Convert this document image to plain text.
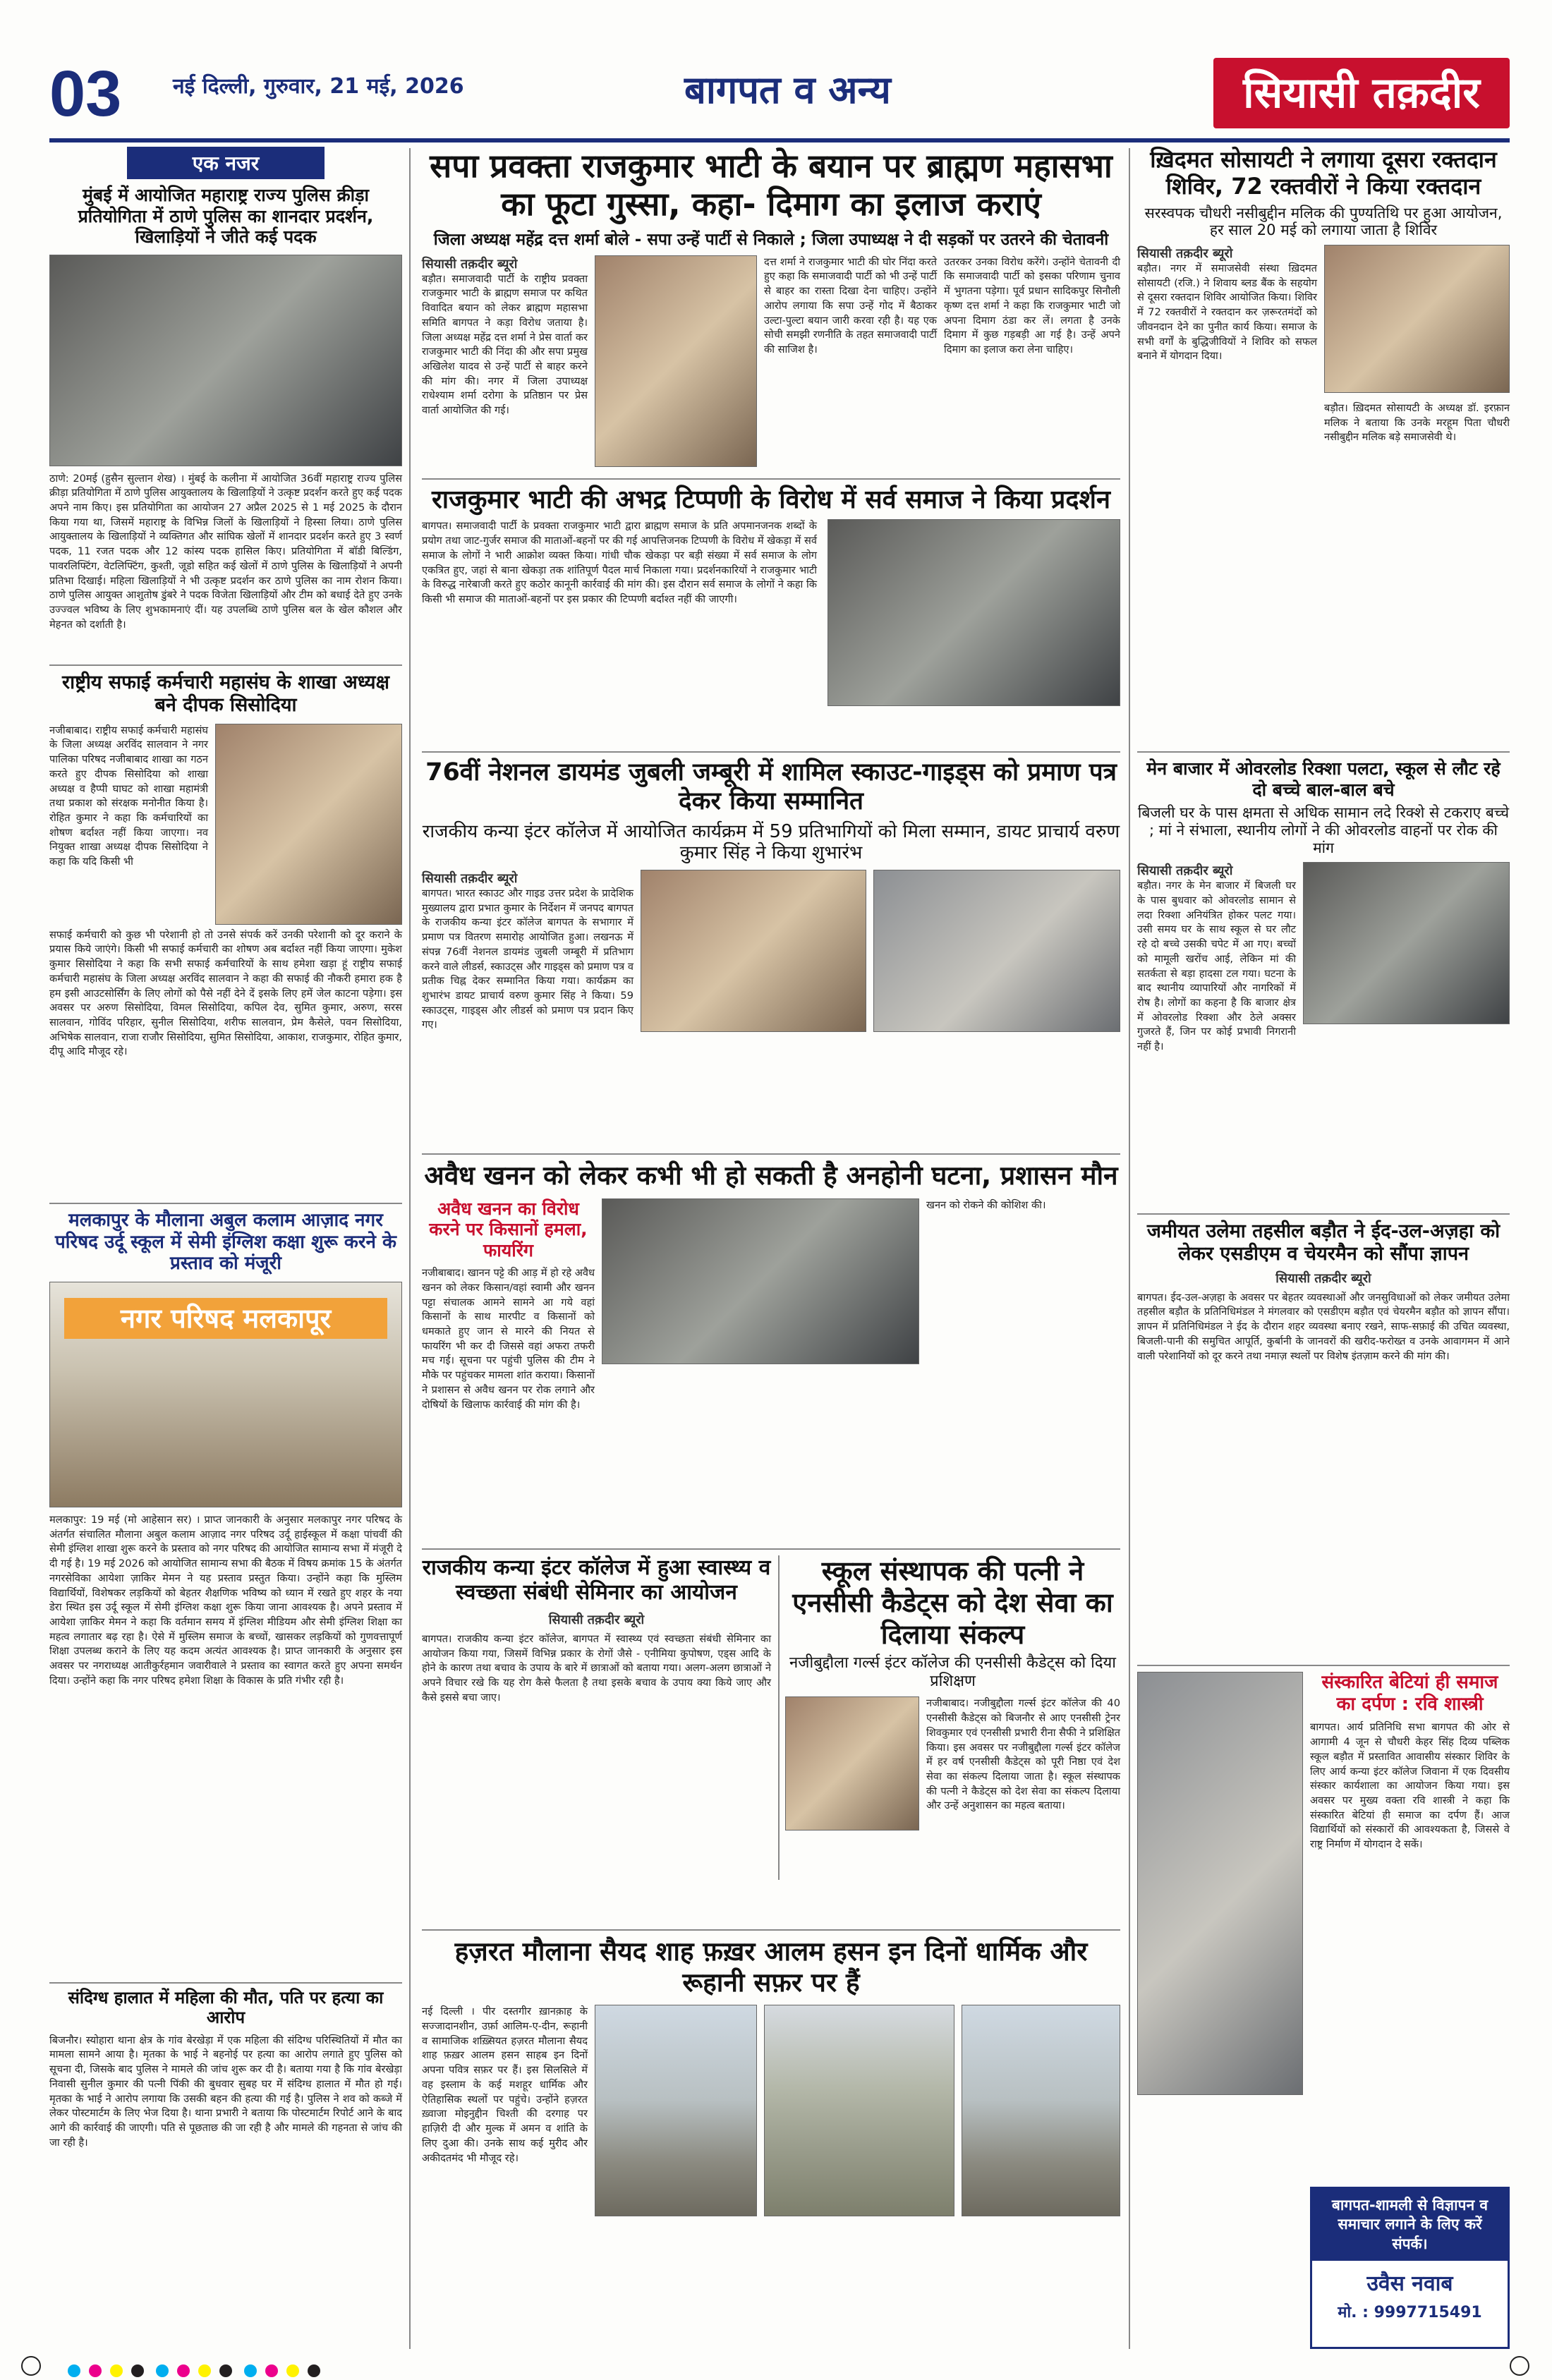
03	नई दिल्ली, गुरुवार, 21 मई, 2026	बागपत व अन्य	सियासी तक़दीर
एक नजर
मुंबई में आयोजित महाराष्ट्र राज्य पुलिस क्रीड़ा प्रतियोगिता में ठाणे पुलिस का शानदार प्रदर्शन, खिलाड़ियों ने जीते कई पदक
ठाणे: 20मई (हुसैन सुल्तान शेख) । मुंबई के कलीना में आयोजित 36वीं महाराष्ट्र राज्य पुलिस क्रीड़ा प्रतियोगिता में ठाणे पुलिस आयुक्तालय के खिलाड़ियों ने उत्कृष्ट प्रदर्शन करते हुए कई पदक अपने नाम किए। इस प्रतियोगिता का आयोजन 27 अप्रैल 2025 से 1 मई 2025 के दौरान किया गया था, जिसमें महाराष्ट्र के विभिन्न जिलों के खिलाड़ियों ने हिस्सा लिया। ठाणे पुलिस आयुक्तालय के खिलाड़ियों ने व्यक्तिगत और सांघिक खेलों में शानदार प्रदर्शन करते हुए 3 स्वर्ण पदक, 11 रजत पदक और 12 कांस्य पदक हासिल किए। प्रतियोगिता में बॉडी बिल्डिंग, पावरलिफ्टिंग, वेटलिफ्टिंग, कुश्ती, जूडो सहित कई खेलों में ठाणे पुलिस के खिलाड़ियों ने अपनी प्रतिभा दिखाई। महिला खिलाड़ियों ने भी उत्कृष्ट प्रदर्शन कर ठाणे पुलिस का नाम रोशन किया। ठाणे पुलिस आयुक्त आशुतोष डुंबरे ने पदक विजेता खिलाड़ियों और टीम को बधाई देते हुए उनके उज्ज्वल भविष्य के लिए शुभकामनाएं दीं। यह उपलब्धि ठाणे पुलिस बल के खेल कौशल और मेहनत को दर्शाती है।
राष्ट्रीय सफाई कर्मचारी महासंघ के शाखा अध्यक्ष बने दीपक सिसोदिया
नजीबाबाद। राष्ट्रीय सफाई कर्मचारी महासंघ के जिला अध्यक्ष अरविंद सालवान ने नगर पालिका परिषद नजीबाबाद शाखा का गठन करते हुए दीपक सिसोदिया को शाखा अध्यक्ष व हैप्पी घाघट को शाखा महामंत्री तथा प्रकाश को संरक्षक मनोनीत किया है। रोहित कुमार ने कहा कि कर्मचारियों का शोषण बर्दाश्त नहीं किया जाएगा। नव नियुक्त शाखा अध्यक्ष दीपक सिसोदिया ने कहा कि यदि किसी भी
सफाई कर्मचारी को कुछ भी परेशानी हो तो उनसे संपर्क करें उनकी परेशानी को दूर कराने के प्रयास किये जाएंगे। किसी भी सफाई कर्मचारी का शोषण अब बर्दाश्त नहीं किया जाएगा। मुकेश कुमार सिसोदिया ने कहा कि सभी सफाई कर्मचारियों के साथ हमेशा खड़ा हूं राष्ट्रीय सफाई कर्मचारी महासंघ के जिला अध्यक्ष अरविंद सालवान ने कहा की सफाई की नौकरी हमारा हक है हम इसी आउटसोर्सिंग के लिए लोगों को पैसे नहीं देने दें इसके लिए हमें जेल काटना पड़ेगा। इस अवसर पर अरुण सिसोदिया, विमल सिसोदिया, कपिल देव, सुमित कुमार, अरुण, सरस सालवान, गोविंद परिहार, सुनील सिसोदिया, शरीफ सालवान, प्रेम कैसेले, पवन सिसोदिया, अभिषेक सालवान, राजा राजौर सिसोदिया, सुमित सिसोदिया, आकाश, राजकुमार, रोहित कुमार, दीपू आदि मौजूद रहे।
मलकापुर के मौलाना अबुल कलाम आज़ाद नगर परिषद उर्दू स्कूल में सेमी इंग्लिश कक्षा शुरू करने के प्रस्ताव को मंजूरी
नगर परिषद मलकापूर
मलकापुर: 19 मई (मो आहेसान सर) । प्राप्त जानकारी के अनुसार मलकापुर नगर परिषद के अंतर्गत संचालित मौलाना अबुल कलाम आज़ाद नगर परिषद उर्दू हाईस्कूल में कक्षा पांचवीं की सेमी इंग्लिश शाखा शुरू करने के प्रस्ताव को नगर परिषद की आयोजित सामान्य सभा में मंजूरी दे दी गई है। 19 मई 2026 को आयोजित सामान्य सभा की बैठक में विषय क्रमांक 15 के अंतर्गत नगरसेविका आयेशा ज़ाकिर मेमन ने यह प्रस्ताव प्रस्तुत किया। उन्होंने कहा कि मुस्लिम विद्यार्थियों, विशेषकर लड़कियों को बेहतर शैक्षणिक भविष्य को ध्यान में रखते हुए शहर के नया डेरा स्थित इस उर्दू स्कूल में सेमी इंग्लिश कक्षा शुरू किया जाना आवश्यक है। अपने प्रस्ताव में आयेशा ज़ाकिर मेमन ने कहा कि वर्तमान समय में इंग्लिश मीडियम और सेमी इंग्लिश शिक्षा का महत्व लगातार बढ़ रहा है। ऐसे में मुस्लिम समाज के बच्चों, खासकर लड़कियों को गुणवत्तापूर्ण शिक्षा उपलब्ध कराने के लिए यह कदम अत्यंत आवश्यक है। प्राप्त जानकारी के अनुसार इस अवसर पर नगराध्यक्ष आतीकुर्रहमान जवारीवाले ने प्रस्ताव का स्वागत करते हुए अपना समर्थन दिया। उन्होंने कहा कि नगर परिषद हमेशा शिक्षा के विकास के प्रति गंभीर रही है।
संदिग्ध हालात में महिला की मौत, पति पर हत्या का आरोप
बिजनौर। स्योहारा थाना क्षेत्र के गांव बेरखेड़ा में एक महिला की संदिग्ध परिस्थितियों में मौत का मामला सामने आया है। मृतका के भाई ने बहनोई पर हत्या का आरोप लगाते हुए पुलिस को सूचना दी, जिसके बाद पुलिस ने मामले की जांच शुरू कर दी है। बताया गया है कि गांव बेरखेड़ा निवासी सुनील कुमार की पत्नी पिंकी की बुधवार सुबह घर में संदिग्ध हालात में मौत हो गई। मृतका के भाई ने आरोप लगाया कि उसकी बहन की हत्या की गई है। पुलिस ने शव को कब्जे में लेकर पोस्टमार्टम के लिए भेज दिया है। थाना प्रभारी ने बताया कि पोस्टमार्टम रिपोर्ट आने के बाद आगे की कार्रवाई की जाएगी। पति से पूछताछ की जा रही है और मामले की गहनता से जांच की जा रही है।
सपा प्रवक्ता राजकुमार भाटी के बयान पर ब्राह्मण महासभा का फूटा गुस्सा, कहा- दिमाग का इलाज कराएं
जिला अध्यक्ष महेंद्र दत्त शर्मा बोले - सपा उन्हें पार्टी से निकाले ; जिला उपाध्यक्ष ने दी सड़कों पर उतरने की चेतावनी
सियासी तक़दीर ब्यूरो
बड़ौत। समाजवादी पार्टी के राष्ट्रीय प्रवक्ता राजकुमार भाटी के ब्राह्मण समाज पर कथित विवादित बयान को लेकर ब्राह्मण महासभा समिति बागपत ने कड़ा विरोध जताया है। जिला अध्यक्ष महेंद्र दत्त शर्मा ने प्रेस वार्ता कर राजकुमार भाटी की निंदा की और सपा प्रमुख अखिलेश यादव से उन्हें पार्टी से बाहर करने की मांग की। नगर में जिला उपाध्यक्ष राधेश्याम शर्मा दरोगा के प्रतिष्ठान पर प्रेस वार्ता आयोजित की गई।
दत्त शर्मा ने राजकुमार भाटी की घोर निंदा करते हुए कहा कि समाजवादी पार्टी को भी उन्हें पार्टी से बाहर का रास्ता दिखा देना चाहिए। उन्होंने आरोप लगाया कि सपा उन्हें गोद में बैठाकर उल्टा-पुल्टा बयान जारी करवा रही है। यह एक सोची समझी रणनीति के तहत समाजवादी पार्टी की साजिश है।
उतरकर उनका विरोध करेंगे। उन्होंने चेतावनी दी कि समाजवादी पार्टी को इसका परिणाम चुनाव में भुगतना पड़ेगा। पूर्व प्रधान सादिकपुर सिनौली कृष्ण दत्त शर्मा ने कहा कि राजकुमार भाटी जो अपना दिमाग ठंडा कर लें। लगता है उनके दिमाग में कुछ गड़बड़ी आ गई है। उन्हें अपने दिमाग का इलाज करा लेना चाहिए।
राजकुमार भाटी की अभद्र टिप्पणी के विरोध में सर्व समाज ने किया प्रदर्शन
बागपत। समाजवादी पार्टी के प्रवक्ता राजकुमार भाटी द्वारा ब्राह्मण समाज के प्रति अपमानजनक शब्दों के प्रयोग तथा जाट-गुर्जर समाज की माताओं-बहनों पर की गई आपत्तिजनक टिप्पणी के विरोध में खेकड़ा में सर्व समाज के लोगों ने भारी आक्रोश व्यक्त किया। गांधी चौक खेकड़ा पर बड़ी संख्या में सर्व समाज के लोग एकत्रित हुए, जहां से बाना खेकड़ा तक शांतिपूर्ण पैदल मार्च निकाला गया। प्रदर्शनकारियों ने राजकुमार भाटी के विरुद्ध नारेबाजी करते हुए कठोर कानूनी कार्रवाई की मांग की। इस दौरान सर्व समाज के लोगों ने कहा कि किसी भी समाज की माताओं-बहनों पर इस प्रकार की टिप्पणी बर्दाश्त नहीं की जाएगी।
76वीं नेशनल डायमंड जुबली जम्बूरी में शामिल स्काउट-गाइड्स को प्रमाण पत्र देकर किया सम्मानित
राजकीय कन्या इंटर कॉलेज में आयोजित कार्यक्रम में 59 प्रतिभागियों को मिला सम्मान, डायट प्राचार्य वरुण कुमार सिंह ने किया शुभारंभ
सियासी तक़दीर ब्यूरो
बागपत। भारत स्काउट और गाइड उत्तर प्रदेश के प्रादेशिक मुख्यालय द्वारा प्रभात कुमार के निर्देशन में जनपद बागपत के राजकीय कन्या इंटर कॉलेज बागपत के सभागार में प्रमाण पत्र वितरण समारोह आयोजित हुआ। लखनऊ में संपन्न 76वीं नेशनल डायमंड जुबली जम्बूरी में प्रतिभाग करने वाले लीडर्स, स्काउट्स और गाइड्स को प्रमाण पत्र व प्रतीक चिह्न देकर सम्मानित किया गया। कार्यक्रम का शुभारंभ डायट प्राचार्य वरुण कुमार सिंह ने किया। 59 स्काउट्स, गाइड्स और लीडर्स को प्रमाण पत्र प्रदान किए गए।
अवैध खनन को लेकर कभी भी हो सकती है अनहोनी घटना, प्रशासन मौन
अवैध खनन का विरोध करने पर किसानों हमला, फायरिंग
नजीबाबाद। खानन पट्टे की आड़ में हो रहे अवैध खनन को लेकर किसान/वहां स्वामी और खनन पट्टा संचालक आमने सामने आ गये वहां किसानों के साथ मारपीट व किसानों को धमकाते हुए जान से मारने की नियत से फायरिंग भी कर दी जिससे वहां अफरा तफरी मच गई। सूचना पर पहुंची पुलिस की टीम ने मौके पर पहुंचकर मामला शांत कराया। किसानों ने प्रशासन से अवैध खनन पर रोक लगाने और दोषियों के खिलाफ कार्रवाई की मांग की है।
खनन को रोकने की कोशिश की।
राजकीय कन्या इंटर कॉलेज में हुआ स्वास्थ्य व स्वच्छता संबंधी सेमिनार का आयोजन
सियासी तक़दीर ब्यूरो
बागपत। राजकीय कन्या इंटर कॉलेज, बागपत में स्वास्थ्य एवं स्वच्छता संबंधी सेमिनार का आयोजन किया गया, जिसमें विभिन्न प्रकार के रोगों जैसे - एनीमिया कुपोषण, एड्स आदि के होने के कारण तथा बचाव के उपाय के बारे में छात्राओं को बताया गया। अलग-अलग छात्राओं ने अपने विचार रखे कि यह रोग कैसे फैलता है तथा इसके बचाव के उपाय क्या किये जाए और कैसे इससे बचा जाए।
स्कूल संस्थापक की पत्नी ने एनसीसी कैडेट्स को देश सेवा का दिलाया संकल्प
नजीबुद्दौला गर्ल्स इंटर कॉलेज की एनसीसी कैडेट्स को दिया प्रशिक्षण
नजीबाबाद। नजीबुद्दौला गर्ल्स इंटर कॉलेज की 40 एनसीसी कैडेट्स को बिजनौर से आए एनसीसी ट्रेनर शिवकुमार एवं एनसीसी प्रभारी रीना सैफी ने प्रशिक्षित किया। इस अवसर पर नजीबुद्दौला गर्ल्स इंटर कॉलेज में हर वर्ष एनसीसी कैडेट्स को पूरी निष्ठा एवं देश सेवा का संकल्प दिलाया जाता है। स्कूल संस्थापक की पत्नी ने कैडेट्स को देश सेवा का संकल्प दिलाया और उन्हें अनुशासन का महत्व बताया।
हज़रत मौलाना सैयद शाह फ़ख़र आलम हसन इन दिनों धार्मिक और रूहानी सफ़र पर हैं
नई दिल्ली । पीर दस्तगीर ख़ानक़ाह के सज्जादानशीन, उर्फ़ा आलिम-ए-दीन, रूहानी व सामाजिक शख़्सियत हज़रत मौलाना सैयद शाह फ़ख़र आलम हसन साहब इन दिनों अपना पवित्र सफ़र पर हैं। इस सिलसिले में वह इस्लाम के कई मशहूर धार्मिक और ऐतिहासिक स्थलों पर पहुंचे। उन्होंने हज़रत ख़्वाजा मोइनुद्दीन चिश्ती की दरगाह पर हाज़िरी दी और मुल्क में अमन व शांति के लिए दुआ की। उनके साथ कई मुरीद और अकीदतमंद भी मौजूद रहे।
ख़िदमत सोसायटी ने लगाया दूसरा रक्तदान शिविर, 72 रक्तवीरों ने किया रक्तदान
सरस्वपक चौधरी नसीबुद्दीन मलिक की पुण्यतिथि पर हुआ आयोजन, हर साल 20 मई को लगाया जाता है शिविर
सियासी तक़दीर ब्यूरो
बड़ौत। नगर में समाजसेवी संस्था ख़िदमत सोसायटी (रजि.) ने शिवाय ब्लड बैंक के सहयोग से दूसरा रक्तदान शिविर आयोजित किया। शिविर में 72 रक्तवीरों ने रक्तदान कर ज़रूरतमंदों को जीवनदान देने का पुनीत कार्य किया। समाज के सभी वर्गों के बुद्धिजीवियों ने शिविर को सफल बनाने में योगदान दिया।
बड़ौत। ख़िदमत सोसायटी के अध्यक्ष डॉ. इरफ़ान मलिक ने बताया कि उनके मरहूम पिता चौधरी नसीबुद्दीन मलिक बड़े समाजसेवी थे।
मेन बाजार में ओवरलोड रिक्शा पलटा, स्कूल से लौट रहे दो बच्चे बाल-बाल बचे
बिजली घर के पास क्षमता से अधिक सामान लदे रिक्शे से टकराए बच्चे ; मां ने संभाला, स्थानीय लोगों ने की ओवरलोड वाहनों पर रोक की मांग
सियासी तक़दीर ब्यूरो
बड़ौत। नगर के मेन बाजार में बिजली घर के पास बुधवार को ओवरलोड सामान से लदा रिक्शा अनियंत्रित होकर पलट गया। उसी समय घर के साथ स्कूल से घर लौट रहे दो बच्चे उसकी चपेट में आ गए। बच्चों को मामूली खरोंच आई, लेकिन मां की सतर्कता से बड़ा हादसा टल गया। घटना के बाद स्थानीय व्यापारियों और नागरिकों में रोष है। लोगों का कहना है कि बाजार क्षेत्र में ओवरलोड रिक्शा और ठेले अक्सर गुजरते हैं, जिन पर कोई प्रभावी निगरानी नहीं है।
जमीयत उलेमा तहसील बड़ौत ने ईद-उल-अज़हा को लेकर एसडीएम व चेयरमैन को सौंपा ज्ञापन
सियासी तक़दीर ब्यूरो
बागपत। ईद-उल-अज़हा के अवसर पर बेहतर व्यवस्थाओं और जनसुविधाओं को लेकर जमीयत उलेमा तहसील बड़ौत के प्रतिनिधिमंडल ने मंगलवार को एसडीएम बड़ौत एवं चेयरमैन बड़ौत को ज्ञापन सौंपा। ज्ञापन में प्रतिनिधिमंडल ने ईद के दौरान शहर व्यवस्था बनाए रखने, साफ-सफ़ाई की उचित व्यवस्था, बिजली-पानी की समुचित आपूर्ति, कुर्बानी के जानवरों की खरीद-फरोख्त व उनके आवागमन में आने वाली परेशानियों को दूर करने तथा नमाज़ स्थलों पर विशेष इंतज़ाम करने की मांग की।
संस्कारित बेटियां ही समाज का दर्पण : रवि शास्त्री
बागपत। आर्य प्रतिनिधि सभा बागपत की ओर से आगामी 4 जून से चौधरी केहर सिंह दिव्य पब्लिक स्कूल बड़ौत में प्रस्तावित आवासीय संस्कार शिविर के लिए आर्य कन्या इंटर कॉलेज जिवाना में एक दिवसीय संस्कार कार्यशाला का आयोजन किया गया। इस अवसर पर मुख्य वक्ता रवि शास्त्री ने कहा कि संस्कारित बेटियां ही समाज का दर्पण हैं। आज विद्यार्थियों को संस्कारों की आवश्यकता है, जिससे वे राष्ट्र निर्माण में योगदान दे सकें।
बागपत-शामली से विज्ञापन व समाचार लगाने के लिए करें संपर्क।
उवैस नवाब
मो. : 9997715491
